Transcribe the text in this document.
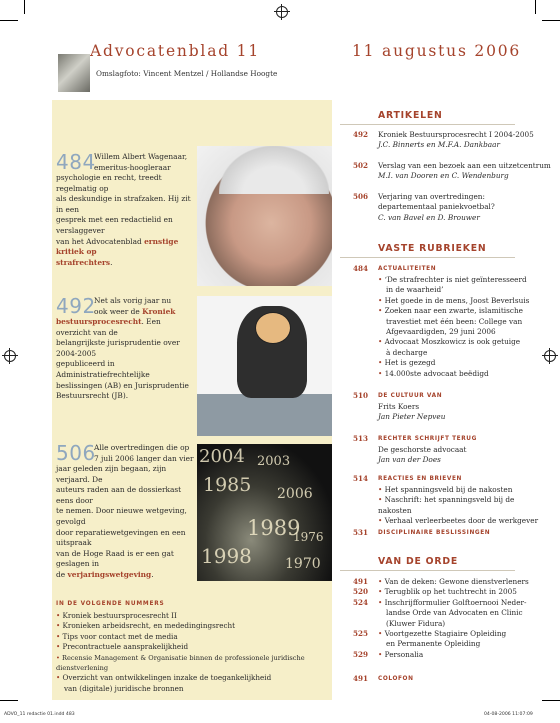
Advocatenblad 11	11 augustus 2006
Omslagfoto: Vincent Mentzel / Hollandse Hoogte
484
Willem Albert Wagenaar,
emeritus-hoogleraar
psychologie en recht, treedt regelmatig op
als deskundige in strafzaken. Hij zit in een
gesprek met een redactielid en verslaggever
van het Advocatenblad ernstige kritiek op
strafrechters.
492
Net als vorig jaar nu
ook weer de Kroniek
bestuursprocesrecht. Een overzicht van de
belangrijkste jurisprudentie over 2004-2005
gepubliceerd in Administratiefrechtelijke
beslissingen (AB) en Jurisprudentie
Bestuursrecht (JB).
506
Alle overtredingen die op
7 juli 2006 langer dan vier
jaar geleden zijn begaan, zijn verjaard. De
auteurs raden aan de dossierkast eens door
te nemen. Door nieuwe wetgeving, gevolgd
door reparatiewetgevingen en een uitspraak
van de Hoge Raad is er een gat geslagen in
de verjaringswetgeving.
2004 2003
1985 2006
1989
1998 1970
1976
IN DE VOLGENDE NUMMERS
• Kroniek bestuursprocesrecht II
• Kronieken arbeidsrecht, en mededingingsrecht
• Tips voor contact met de media
• Precontractuele aansprakelijkheid
• Recensie Management & Organisatie binnen de professionele juridische dienstverlening
• Overzicht van ontwikkelingen inzake de toegankelijkheid
van (digitale) juridische bronnen
ARTIKELEN
492 Kroniek Bestuursprocesrecht I 2004-2005
J.C. Binnerts en M.F.A. Dankbaar
502 Verslag van een bezoek aan een uitzetcentrum
M.I. van Dooren en C. Wendenburg
506 Verjaring van overtredingen:
departementaal paniekvoetbal?
C. van Bavel en D. Brouwer
VASTE RUBRIEKEN
484 ACTUALITEITEN
• ‘De strafrechter is niet geïnteresseerd
in de waarheid’
• Het goede in de mens, Joost Beverlsuis
• Zoeken naar een zwarte, islamitische
travestiet met één been: College van
Afgevaardigden, 29 juni 2006
• Advocaat Moszkowicz is ook getuige
à decharge
• Het is gezegd
• 14.000ste advocaat beëdigd
510 DE CULTUUR VAN
Frits Koers
Jan Pieter Nepveu
513 RECHTER SCHRIJFT TERUG
De geschorste advocaat
Jan van der Does
514 REACTIES EN BRIEVEN
• Het spanningsveld bij de nakosten
• Naschrift: het spanningsveld bij de nakosten
• Verhaal verleerbeetes door de werkgever
531 DISCIPLINAIRE BESLISSINGEN
VAN DE ORDE
491 • Van de deken: Gewone dienstverleners
520 • Terugblik op het tuchtrecht in 2005
524 • Inschrijfformulier Golftoernooi Neder-
landse Orde van Advocaten en Clinic
(Kluwer Fidura)
525 • Voortgezette Stagiaire Opleiding
en Permanente Opleiding
529 • Personalia
491 COLOFON
ADVO_11 redactie 01.indd 483	04-08-2006 11:07:09
